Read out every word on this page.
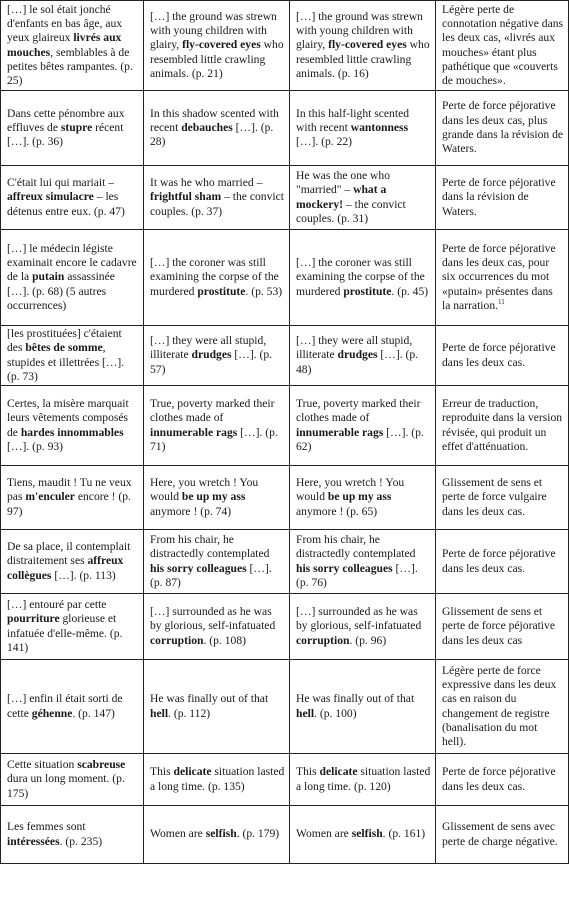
[…] le sol était jonché d'enfants en bas âge, aux yeux glaireux livrés aux mouches, semblables à de petites bêtes rampantes. (p. 25)	[…] the ground was strewn with young children with glairy, fly-covered eyes who resembled little crawling animals. (p. 21)	[…] the ground was strewn with young children with glairy, fly-covered eyes who resembled little crawling animals. (p. 16)	Légère perte de connotation négative dans les deux cas, «livrés aux mouches» étant plus pathétique que «couverts de mouches».
Dans cette pénombre aux effluves de stupre récent […]. (p. 36)	In this shadow scented with recent debauches […]. (p. 28)	In this half-light scented with recent wantonness […]. (p. 22)	Perte de force péjorative dans les deux cas, plus grande dans la révision de Waters.
C'était lui qui mariait – affreux simulacre – les détenus entre eux. (p. 47)	It was he who married – frightful sham – the convict couples. (p. 37)	He was the one who "married" – what a mockery! – the convict couples. (p. 31)	Perte de force péjorative dans la révision de Waters.
[…] le médecin légiste examinait encore le cadavre de la putain assassinée […]. (p. 68) (5 autres occurrences)	[…] the coroner was still examining the corpse of the murdered prostitute. (p. 53)	[…] the coroner was still examining the corpse of the murdered prostitute. (p. 45)	Perte de force péjorative dans les deux cas, pour six occurrences du mot «putain» présentes dans la narration.$^{11}$
[les prostituées] c'étaient des bêtes de somme, stupides et illettrées […]. (p. 73)	[…] they were all stupid, illiterate drudges […]. (p. 57)	[…] they were all stupid, illiterate drudges […]. (p. 48)	Perte de force péjorative dans les deux cas.
Certes, la misère marquait leurs vêtements composés de hardes innommables […]. (p. 93)	True, poverty marked their clothes made of innumerable rags […]. (p. 71)	True, poverty marked their clothes made of innumerable rags […]. (p. 62)	Erreur de traduction, reproduite dans la version révisée, qui produit un effet d'atténuation.
Tiens, maudit ! Tu ne veux pas m'enculer encore ! (p. 97)	Here, you wretch ! You would be up my ass anymore ! (p. 74)	Here, you wretch ! You would be up my ass anymore ! (p. 65)	Glissement de sens et perte de force vulgaire dans les deux cas.
De sa place, il contemplait distraitement ses affreux collègues […]. (p. 113)	From his chair, he distractedly contemplated his sorry colleagues […]. (p. 87)	From his chair, he distractedly contemplated his sorry colleagues […]. (p. 76)	Perte de force péjorative dans les deux cas.
[…] entouré par cette pourriture glorieuse et infatuée d'elle-même. (p. 141)	[…] surrounded as he was by glorious, self-infatuated corruption. (p. 108)	[…] surrounded as he was by glorious, self-infatuated corruption. (p. 96)	Glissement de sens et perte de force péjorative dans les deux cas
[…] enfin il était sorti de cette géhenne. (p. 147)	He was finally out of that hell. (p. 112)	He was finally out of that hell. (p. 100)	Légère perte de force expressive dans les deux cas en raison du changement de registre (banalisation du mot hell).
Cette situation scabreuse dura un long moment. (p. 175)	This delicate situation lasted a long time. (p. 135)	This delicate situation lasted a long time. (p. 120)	Perte de force péjorative dans les deux cas.
Les femmes sont intéressées. (p. 235)	Women are selfish. (p. 179)	Women are selfish. (p. 161)	Glissement de sens avec perte de charge négative.
